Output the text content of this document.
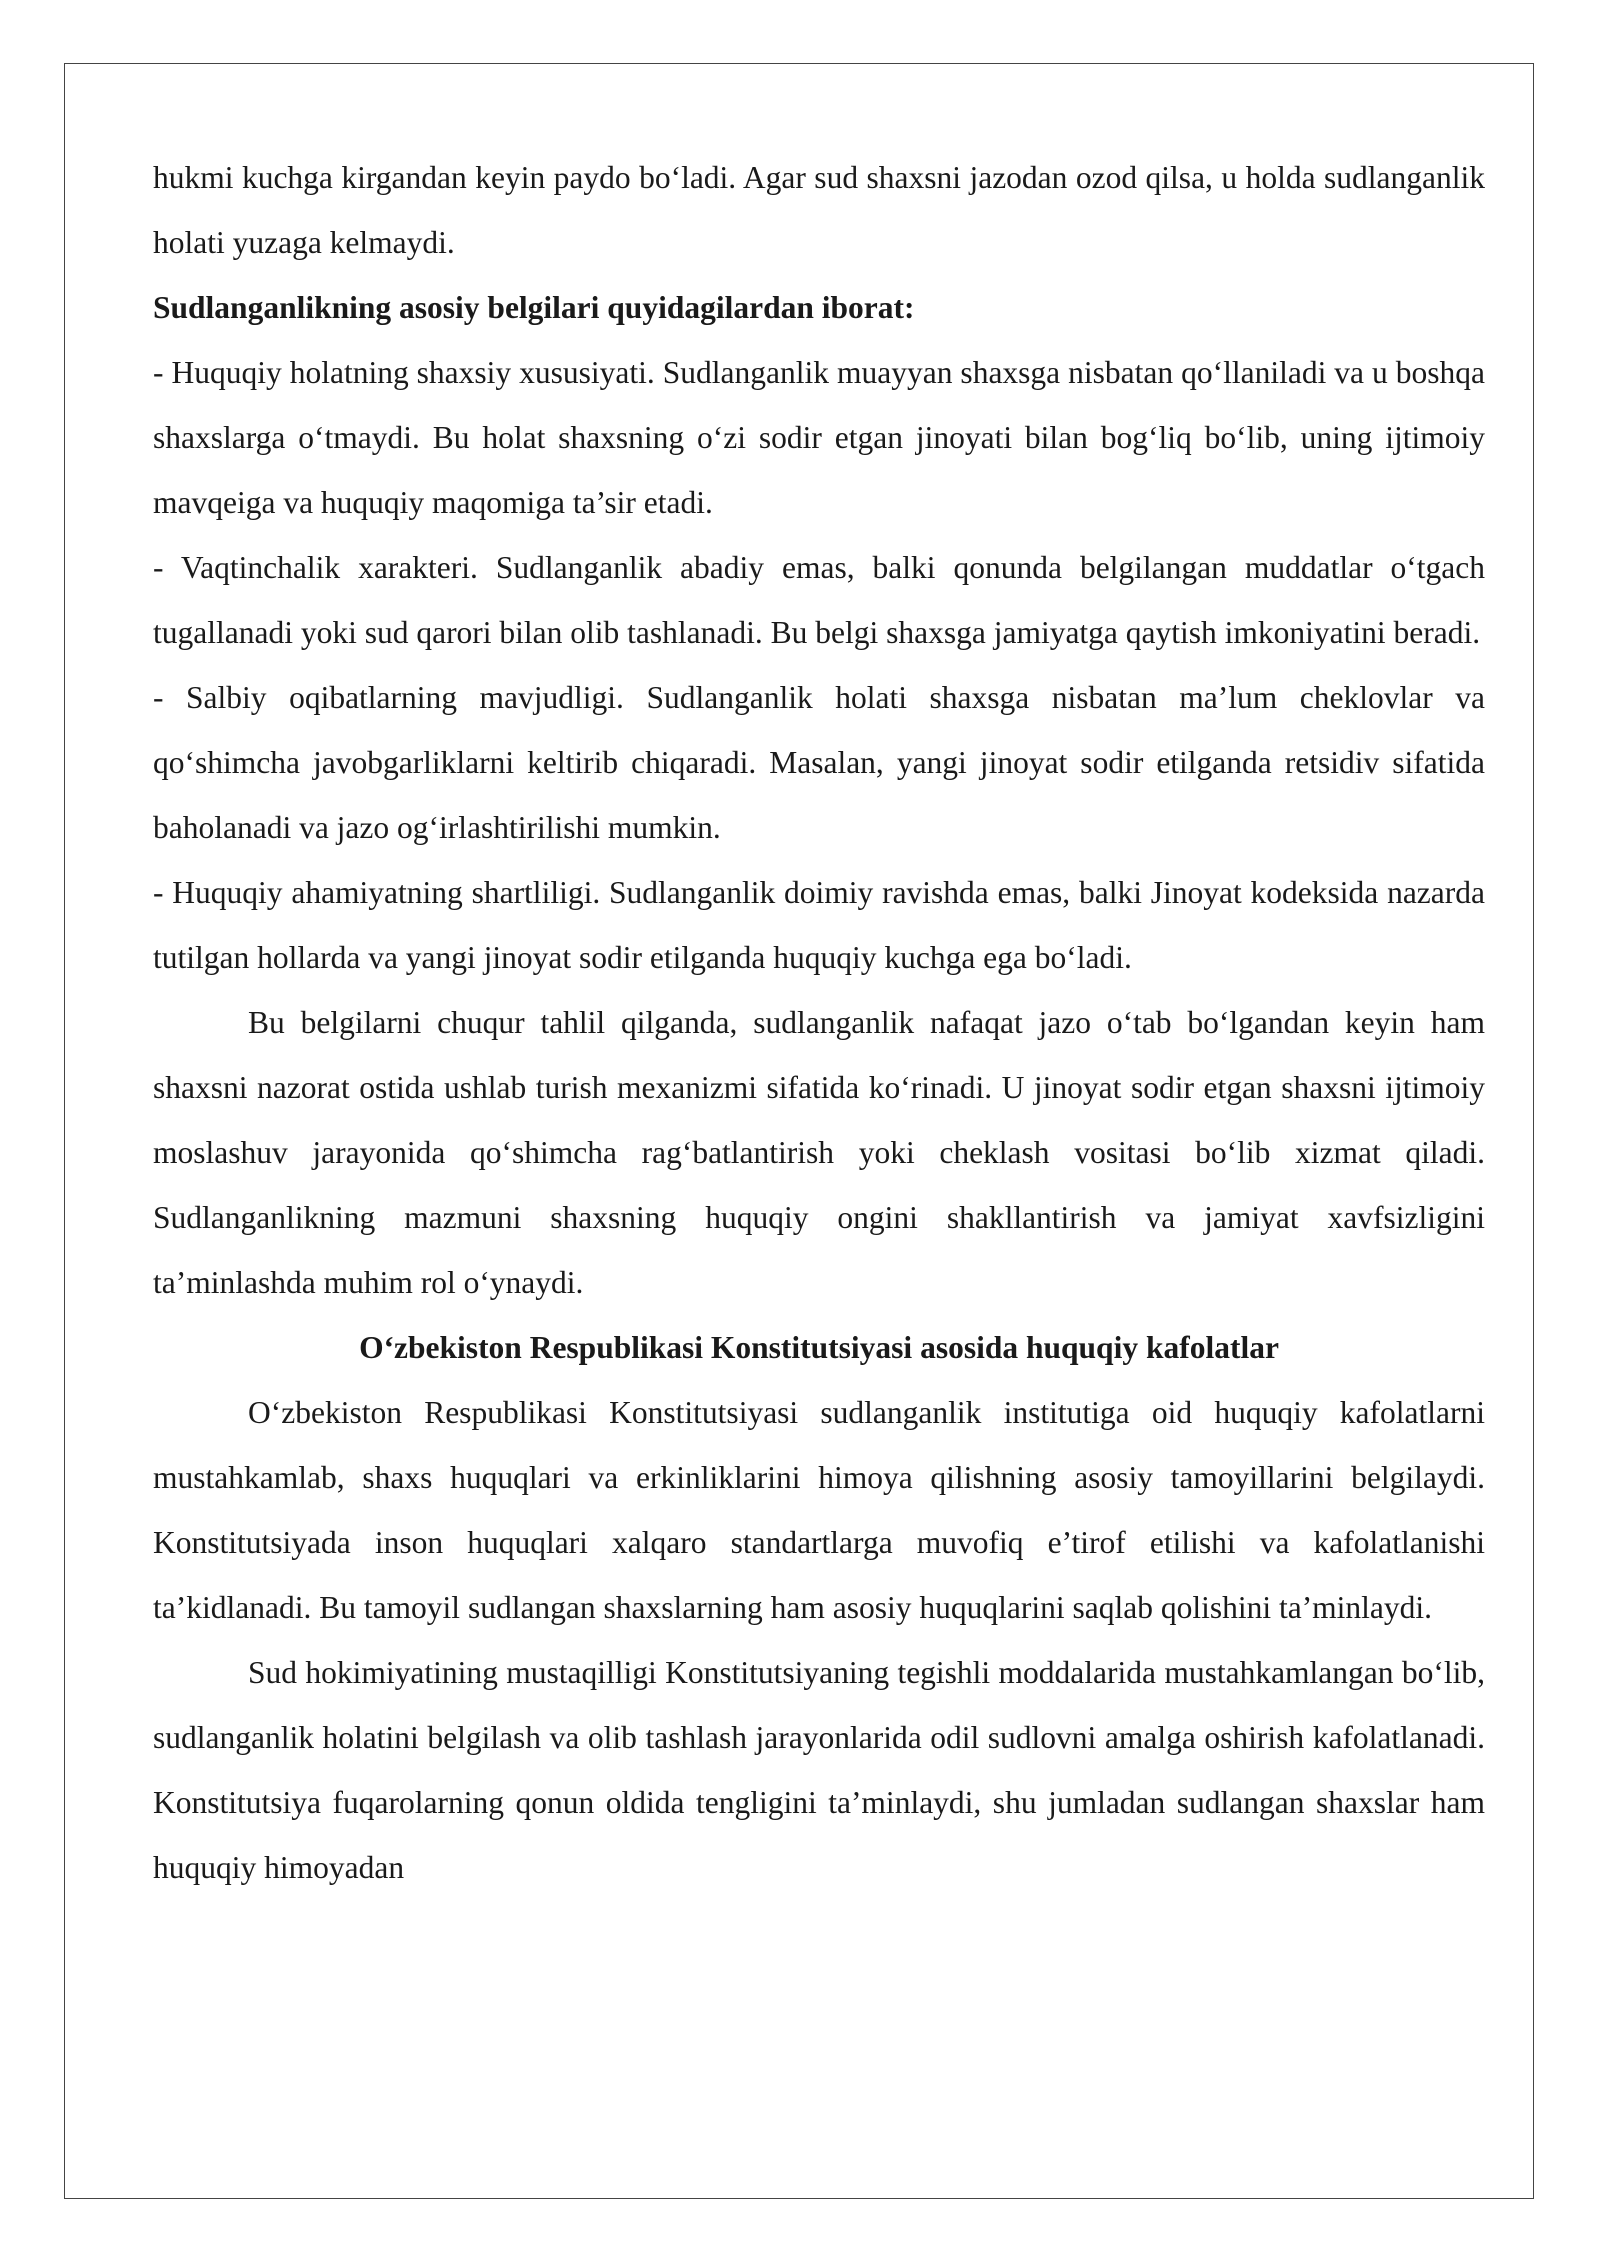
hukmi kuchga kirgandan keyin paydo bo‘ladi. Agar sud shaxsni jazodan ozod qilsa, u holda sudlanganlik holati yuzaga kelmaydi.

Sudlanganlikning asosiy belgilari quyidagilardan iborat:

- Huquqiy holatning shaxsiy xususiyati. Sudlanganlik muayyan shaxsga nisbatan qo‘llaniladi va u boshqa shaxslarga o‘tmaydi. Bu holat shaxsning o‘zi sodir etgan jinoyati bilan bog‘liq bo‘lib, uning ijtimoiy mavqeiga va huquqiy maqomiga ta’sir etadi.

- Vaqtinchalik xarakteri. Sudlanganlik abadiy emas, balki qonunda belgilangan muddatlar o‘tgach tugallanadi yoki sud qarori bilan olib tashlanadi. Bu belgi shaxsga jamiyatga qaytish imkoniyatini beradi.

- Salbiy oqibatlarning mavjudligi. Sudlanganlik holati shaxsga nisbatan ma’lum cheklovlar va qo‘shimcha javobgarliklarni keltirib chiqaradi. Masalan, yangi jinoyat sodir etilganda retsidiv sifatida baholanadi va jazo og‘irlashtirilishi mumkin.

- Huquqiy ahamiyatning shartliligi. Sudlanganlik doimiy ravishda emas, balki Jinoyat kodeksida nazarda tutilgan hollarda va yangi jinoyat sodir etilganda huquqiy kuchga ega bo‘ladi.

Bu belgilarni chuqur tahlil qilganda, sudlanganlik nafaqat jazo o‘tab bo‘lgandan keyin ham shaxsni nazorat ostida ushlab turish mexanizmi sifatida ko‘rinadi. U jinoyat sodir etgan shaxsni ijtimoiy moslashuv jarayonida qo‘shimcha rag‘batlantirish yoki cheklash vositasi bo‘lib xizmat qiladi. Sudlanganlikning mazmuni shaxsning huquqiy ongini shakllantirish va jamiyat xavfsizligini ta’minlashda muhim rol o‘ynaydi.

O‘zbekiston Respublikasi Konstitutsiyasi asosida huquqiy kafolatlar

O‘zbekiston Respublikasi Konstitutsiyasi sudlanganlik institutiga oid huquqiy kafolatlarni mustahkamlab, shaxs huquqlari va erkinliklarini himoya qilishning asosiy tamoyillarini belgilaydi. Konstitutsiyada inson huquqlari xalqaro standartlarga muvofiq e’tirof etilishi va kafolatlanishi ta’kidlanadi. Bu tamoyil sudlangan shaxslarning ham asosiy huquqlarini saqlab qolishini ta’minlaydi.

Sud hokimiyatining mustaqilligi Konstitutsiyaning tegishli moddalarida mustahkamlangan bo‘lib, sudlanganlik holatini belgilash va olib tashlash jarayonlarida odil sudlovni amalga oshirish kafolatlanadi. Konstitutsiya fuqarolarning qonun oldida tengligini ta’minlaydi, shu jumladan sudlangan shaxslar ham huquqiy himoyadan
